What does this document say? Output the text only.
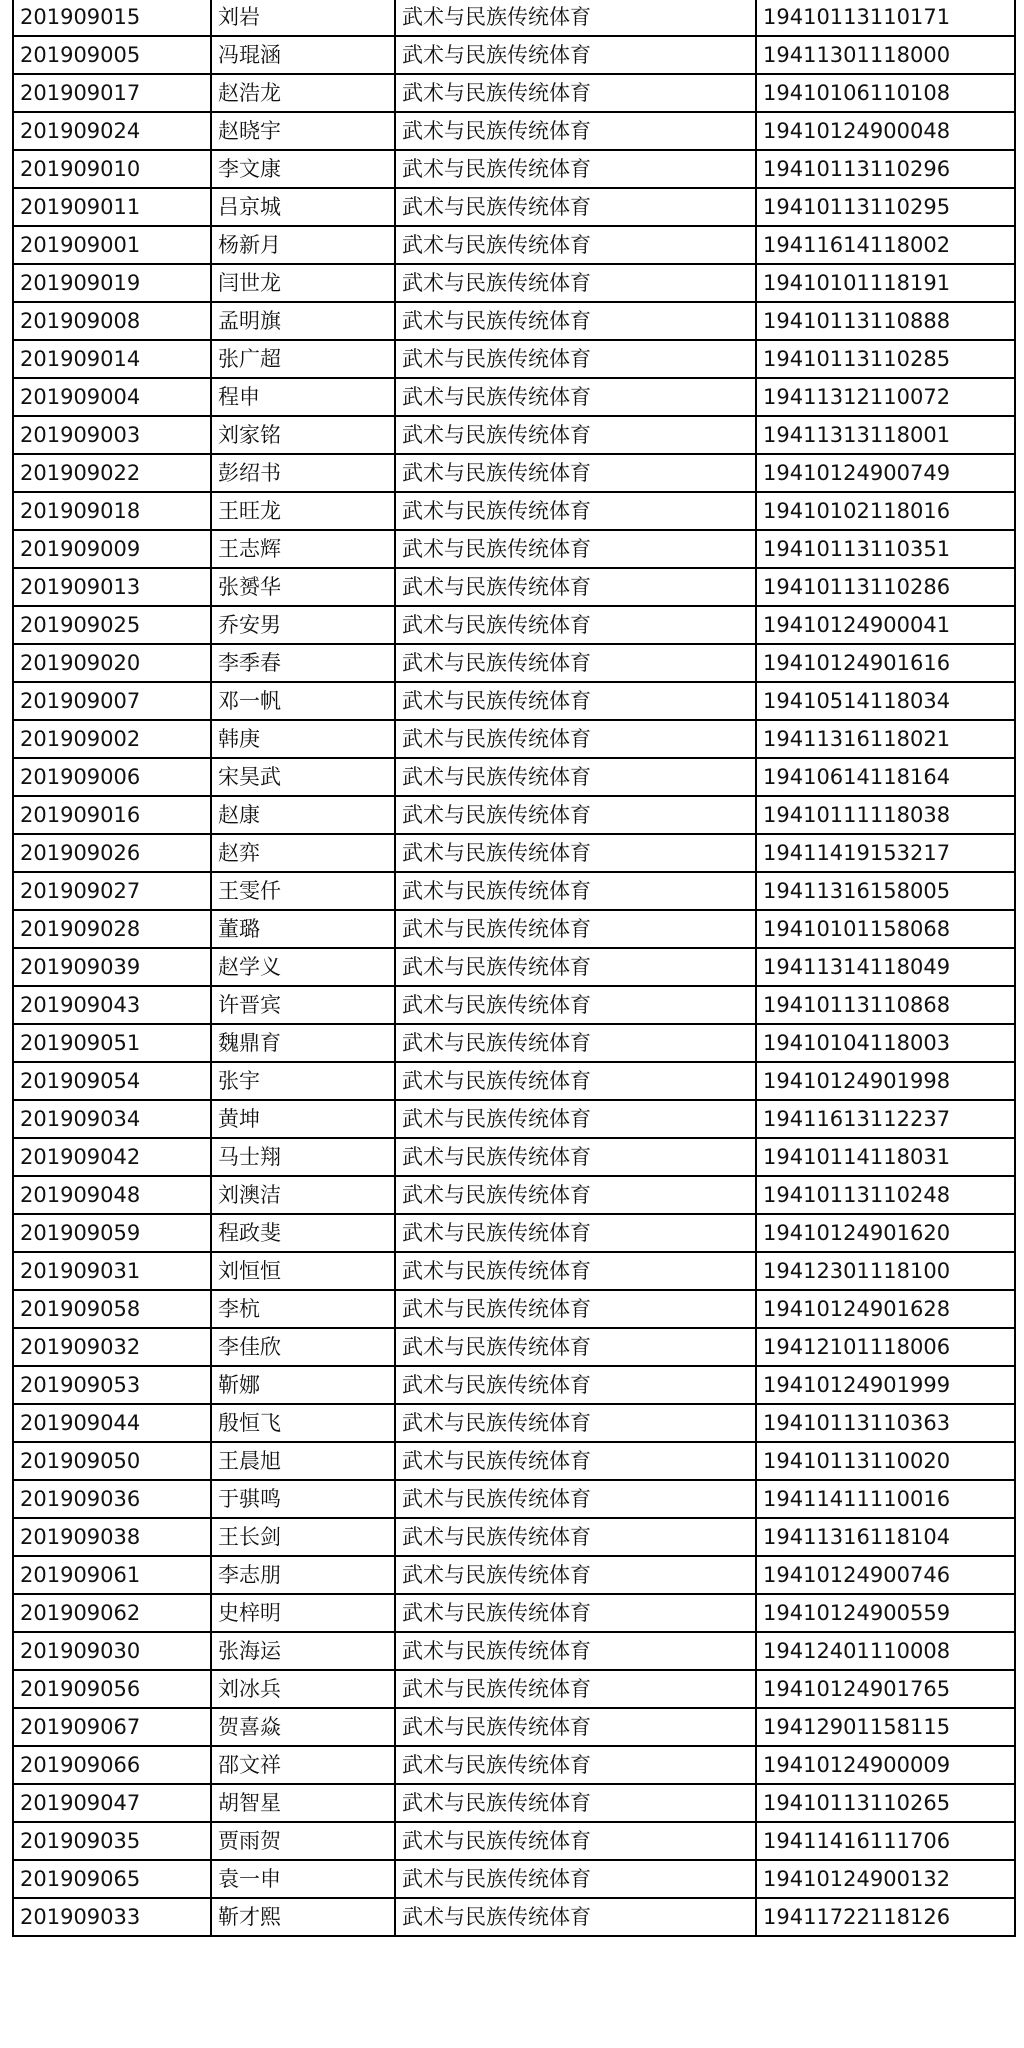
201909015	刘岩	武术与民族传统体育	19410113110171
201909005	冯琨涵	武术与民族传统体育	19411301118000
201909017	赵浩龙	武术与民族传统体育	19410106110108
201909024	赵晓宇	武术与民族传统体育	19410124900048
201909010	李文康	武术与民族传统体育	19410113110296
201909011	吕京城	武术与民族传统体育	19410113110295
201909001	杨新月	武术与民族传统体育	19411614118002
201909019	闫世龙	武术与民族传统体育	19410101118191
201909008	孟明旗	武术与民族传统体育	19410113110888
201909014	张广超	武术与民族传统体育	19410113110285
201909004	程申	武术与民族传统体育	19411312110072
201909003	刘家铭	武术与民族传统体育	19411313118001
201909022	彭绍书	武术与民族传统体育	19410124900749
201909018	王旺龙	武术与民族传统体育	19410102118016
201909009	王志辉	武术与民族传统体育	19410113110351
201909013	张赟华	武术与民族传统体育	19410113110286
201909025	乔安男	武术与民族传统体育	19410124900041
201909020	李季春	武术与民族传统体育	19410124901616
201909007	邓一帆	武术与民族传统体育	19410514118034
201909002	韩庚	武术与民族传统体育	19411316118021
201909006	宋昊武	武术与民族传统体育	19410614118164
201909016	赵康	武术与民族传统体育	19410111118038
201909026	赵弈	武术与民族传统体育	19411419153217
201909027	王雯仟	武术与民族传统体育	19411316158005
201909028	董璐	武术与民族传统体育	19410101158068
201909039	赵学义	武术与民族传统体育	19411314118049
201909043	许晋宾	武术与民族传统体育	19410113110868
201909051	魏鼎育	武术与民族传统体育	19410104118003
201909054	张宇	武术与民族传统体育	19410124901998
201909034	黄坤	武术与民族传统体育	19411613112237
201909042	马士翔	武术与民族传统体育	19410114118031
201909048	刘澳洁	武术与民族传统体育	19410113110248
201909059	程政斐	武术与民族传统体育	19410124901620
201909031	刘恒恒	武术与民族传统体育	19412301118100
201909058	李杭	武术与民族传统体育	19410124901628
201909032	李佳欣	武术与民族传统体育	19412101118006
201909053	靳娜	武术与民族传统体育	19410124901999
201909044	殷恒飞	武术与民族传统体育	19410113110363
201909050	王晨旭	武术与民族传统体育	19410113110020
201909036	于骐鸣	武术与民族传统体育	19411411110016
201909038	王长剑	武术与民族传统体育	19411316118104
201909061	李志朋	武术与民族传统体育	19410124900746
201909062	史梓明	武术与民族传统体育	19410124900559
201909030	张海运	武术与民族传统体育	19412401110008
201909056	刘冰兵	武术与民族传统体育	19410124901765
201909067	贺喜焱	武术与民族传统体育	19412901158115
201909066	邵文祥	武术与民族传统体育	19410124900009
201909047	胡智星	武术与民族传统体育	19410113110265
201909035	贾雨贺	武术与民族传统体育	19411416111706
201909065	袁一申	武术与民族传统体育	19410124900132
201909033	靳才熙	武术与民族传统体育	19411722118126
